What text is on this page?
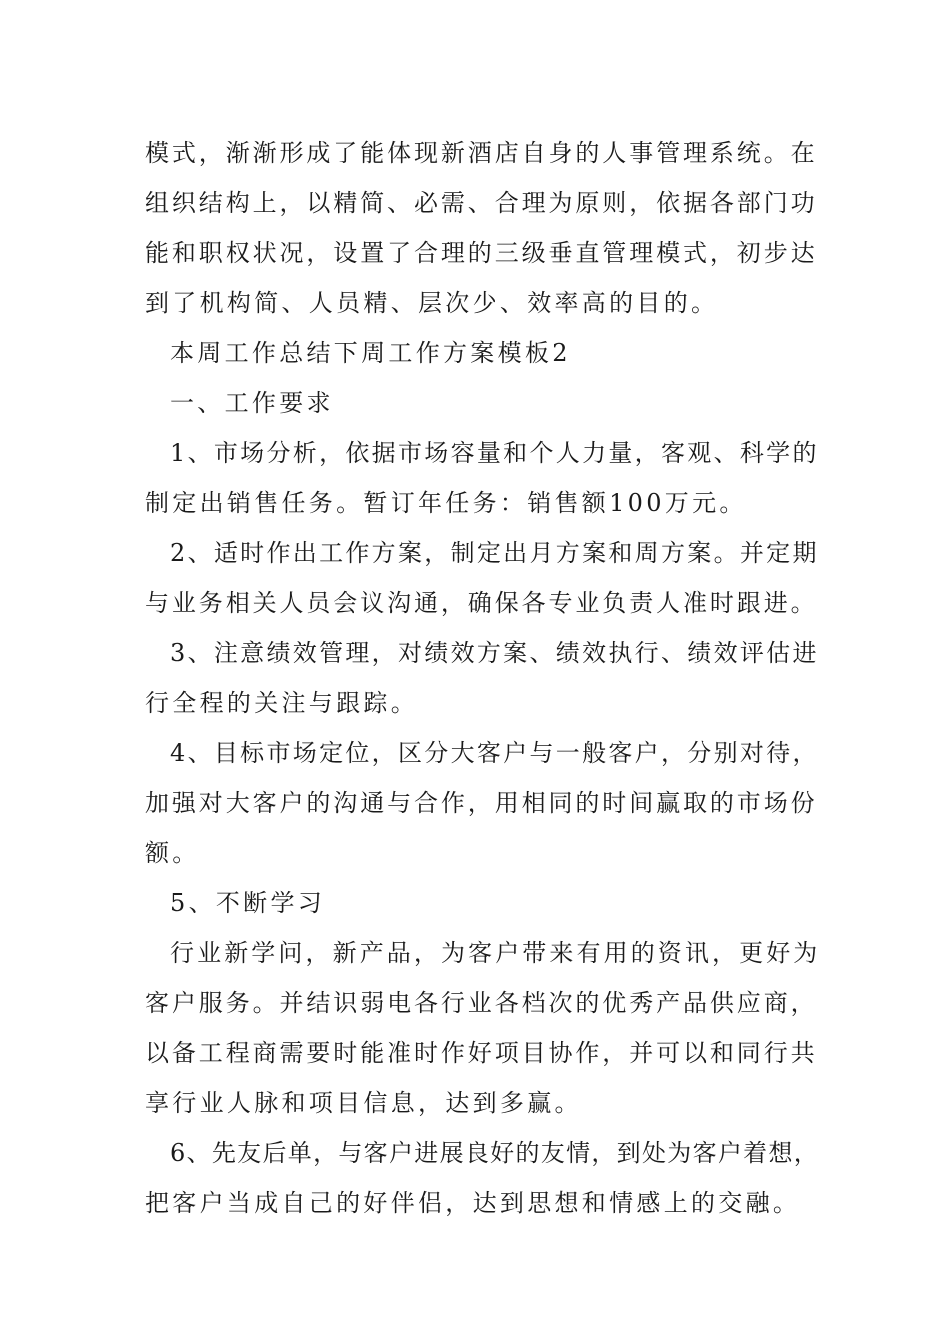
模式，渐渐形成了能体现新酒店自身的人事管理系统。在
组织结构上，以精简、必需、合理为原则，依据各部门功
能和职权状况，设置了合理的三级垂直管理模式，初步达
到了机构简、人员精、层次少、效率高的目的。
本周工作总结下周工作方案模板2
一、工作要求
1、市场分析，依据市场容量和个人力量，客观、科学的
制定出销售任务。暂订年任务：销售额100万元。
2、适时作出工作方案，制定出月方案和周方案。并定期
与业务相关人员会议沟通，确保各专业负责人准时跟进。
3、注意绩效管理，对绩效方案、绩效执行、绩效评估进
行全程的关注与跟踪。
4、目标市场定位，区分大客户与一般客户，分别对待，
加强对大客户的沟通与合作，用相同的时间赢取的市场份
额。
5、不断学习
行业新学问，新产品，为客户带来有用的资讯，更好为
客户服务。并结识弱电各行业各档次的优秀产品供应商，
以备工程商需要时能准时作好项目协作，并可以和同行共
享行业人脉和项目信息，达到多赢。
6、先友后单，与客户进展良好的友情，到处为客户着想，
把客户当成自己的好伴侣，达到思想和情感上的交融。
